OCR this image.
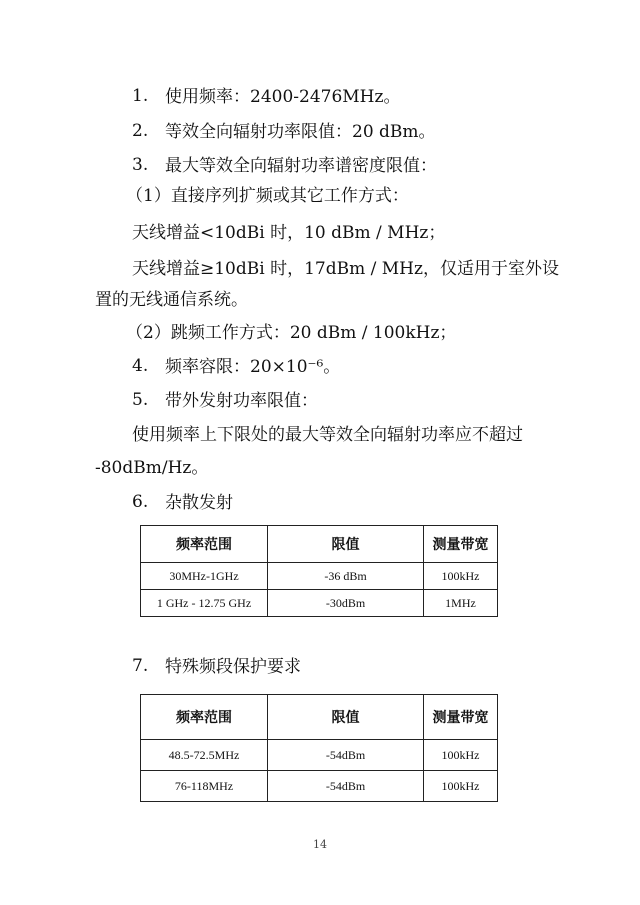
1. 使用频率：2400-2476MHz。
2. 等效全向辐射功率限值：20 dBm。
3. 最大等效全向辐射功率谱密度限值：
（1）直接序列扩频或其它工作方式：
天线增益<10dBi 时，10 dBm / MHz；
天线增益≥10dBi 时，17dBm / MHz，仅适用于室外设
置的无线通信系统。
（2）跳频工作方式：20 dBm / 100kHz；
4. 频率容限：20×10⁻⁶。
5. 带外发射功率限值：
使用频率上下限处的最大等效全向辐射功率应不超过
-80dBm/Hz。
6. 杂散发射
频率范围	限值	测量带宽
30MHz-1GHz	-36 dBm	100kHz
1 GHz - 12.75 GHz	-30dBm	1MHz
7. 特殊频段保护要求
频率范围	限值	测量带宽
48.5-72.5MHz	-54dBm	100kHz
76-118MHz	-54dBm	100kHz
14
